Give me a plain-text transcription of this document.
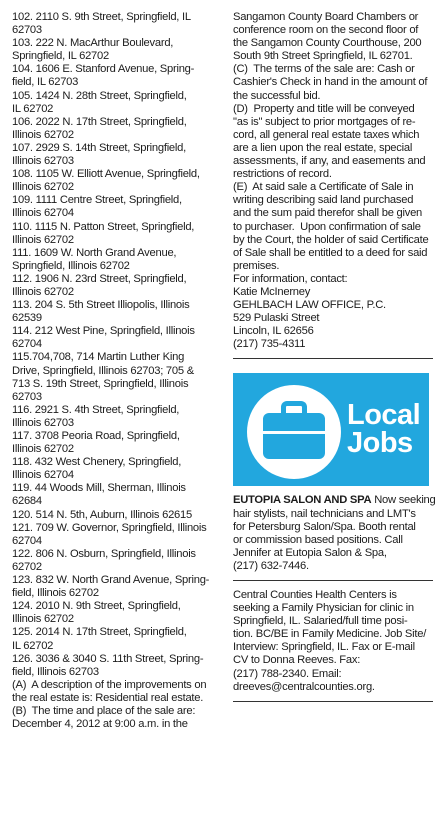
102. 2110 S. 9th Street, Springfield, IL

62703

103. 222 N. MacArthur Boulevard,

Springfield, IL 62702

104. 1606 E. Stanford Avenue, Spring-

field, IL 62703

105. 1424 N. 28th Street, Springfield,

IL 62702

106. 2022 N. 17th Street, Springfield,

Illinois 62702

107. 2929 S. 14th Street, Springfield,

Illinois 62703

108. 1105 W. Elliott Avenue, Springfield,

Illinois 62702

109. 1111 Centre Street, Springfield,

Illinois 62704

110. 1115 N. Patton Street, Springfield,

Illinois 62702

111. 1609 W. North Grand Avenue,

Springfield, Illinois 62702

112. 1906 N. 23rd Street, Springfield,

Illinois 62702

113. 204 S. 5th Street Illiopolis, Illinois

62539

114. 212 West Pine, Springfield, Illinois

62704

115.704,708, 714 Martin Luther King

Drive, Springfield, Illinois 62703; 705 &

713 S. 19th Street, Springfield, Illinois

62703

116. 2921 S. 4th Street, Springfield,

Illinois 62703

117. 3708 Peoria Road, Springfield,

Illinois 62702

118. 432 West Chenery, Springfield,

Illinois 62704

119. 44 Woods Mill, Sherman, Illinois

62684

120. 514 N. 5th, Auburn, Illinois 62615

121. 709 W. Governor, Springfield, Illinois

62704

122. 806 N. Osburn, Springfield, Illinois

62702

123. 832 W. North Grand Avenue, Spring-

field, Illinois 62702

124. 2010 N. 9th Street, Springfield,

Illinois 62702

125. 2014 N. 17th Street, Springfield,

IL 62702

126. 3036 & 3040 S. 11th Street, Spring-

field, Illinois 62703

(A)  A description of the improvements on

the real estate is: Residential real estate.

(B)  The time and place of the sale are:

December 4, 2012 at 9:00 a.m. in the

Sangamon County Board Chambers or

conference room on the second floor of

the Sangamon County Courthouse, 200

South 9th Street Springfield, IL 62701.

(C)  The terms of the sale are: Cash or

Cashier's Check in hand in the amount of

the successful bid.

(D)  Property and title will be conveyed

"as is" subject to prior mortgages of re-

cord, all general real estate taxes which

are a lien upon the real estate, special

assessments, if any, and easements and

restrictions of record.

(E)  At said sale a Certificate of Sale in

writing describing said land purchased

and the sum paid therefor shall be given

to purchaser.  Upon confirmation of sale

by the Court, the holder of said Certificate

of Sale shall be entitled to a deed for said

premises.

For information, contact:

Katie McInerney

GEHLBACH LAW OFFICE, P.C.

529 Pulaski Street

Lincoln, IL 62656

(217) 735-4311

Local
Jobs

EUTOPIA SALON AND SPA Now seeking

hair stylists, nail technicians and LMT's

for Petersburg Salon/Spa. Booth rental

or commission based positions. Call

Jennifer at Eutopia Salon & Spa,

(217) 632-7446.

Central Counties Health Centers is

seeking a Family Physician for clinic in

Springfield, IL. Salaried/full time posi-

tion. BC/BE in Family Medicine. Job Site/

Interview: Springfield, IL. Fax or E-mail

CV to Donna Reeves. Fax:

(217) 788-2340. Email:

dreeves@centralcounties.org.
